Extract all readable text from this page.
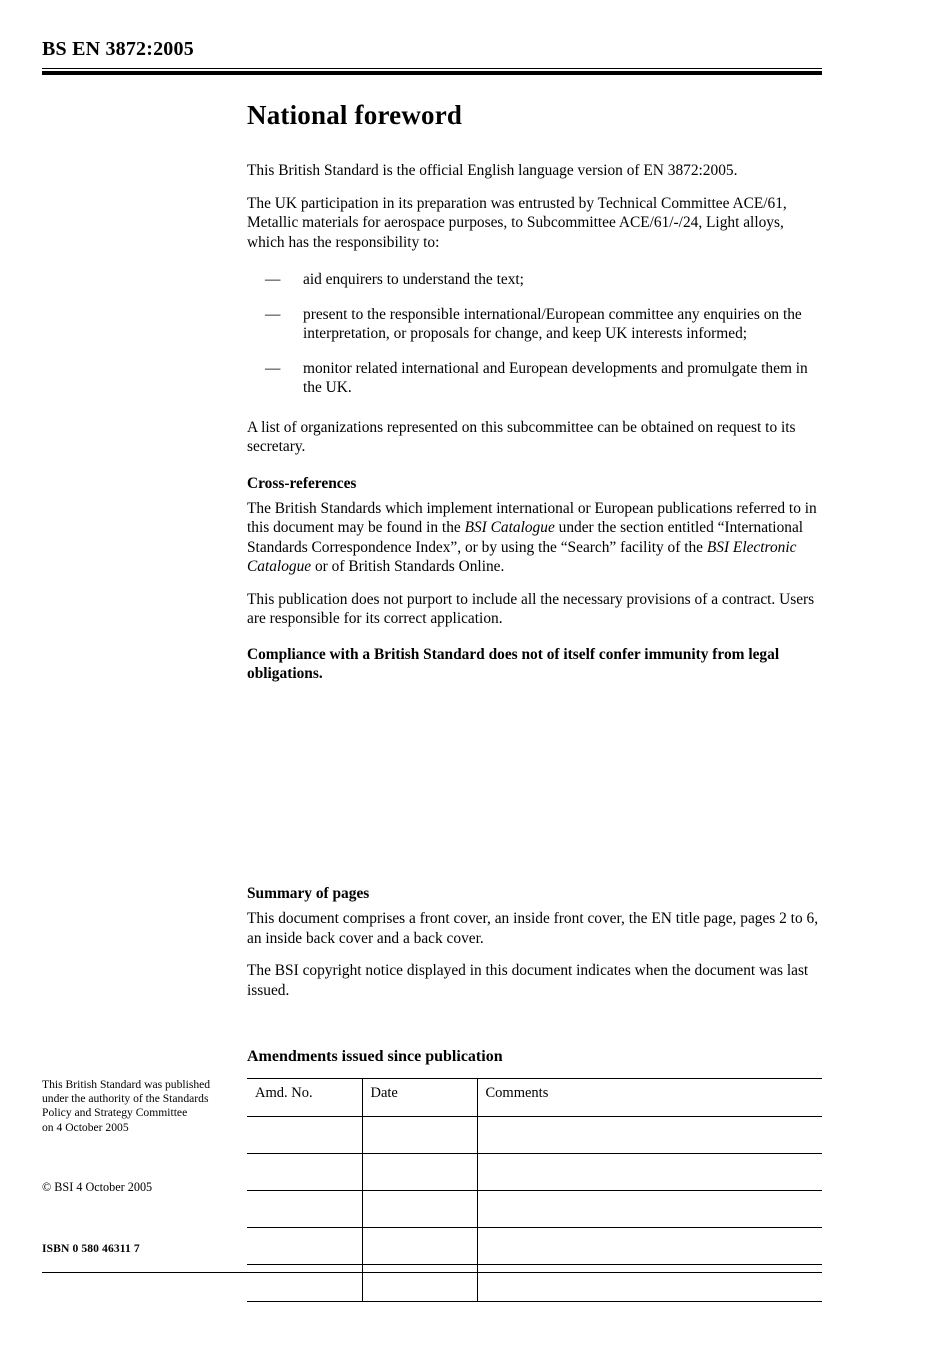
BS EN 3872:2005
National foreword

This British Standard is the official English language version of EN 3872:2005.

The UK participation in its preparation was entrusted by Technical Committee ACE/61, Metallic materials for aerospace purposes, to Subcommittee ACE/61/-/24, Light alloys, which has the responsibility to:

— aid enquirers to understand the text;
— present to the responsible international/European committee any enquiries on the interpretation, or proposals for change, and keep UK interests informed;
— monitor related international and European developments and promulgate them in the UK.

A list of organizations represented on this subcommittee can be obtained on request to its secretary.

Cross-references

The British Standards which implement international or European publications referred to in this document may be found in the BSI Catalogue under the section entitled “International Standards Correspondence Index”, or by using the “Search” facility of the BSI Electronic Catalogue or of British Standards Online.

This publication does not purport to include all the necessary provisions of a contract. Users are responsible for its correct application.

Compliance with a British Standard does not of itself confer immunity from legal obligations.

Summary of pages

This document comprises a front cover, an inside front cover, the EN title page, pages 2 to 6, an inside back cover and a back cover.

The BSI copyright notice displayed in this document indicates when the document was last issued.

This British Standard was published under the authority of the Standards Policy and Strategy Committee
on 4 October 2005
© BSI 4 October 2005
ISBN 0 580 46311 7
Amendments issued since publication
Amd. No.	Date	Comments
